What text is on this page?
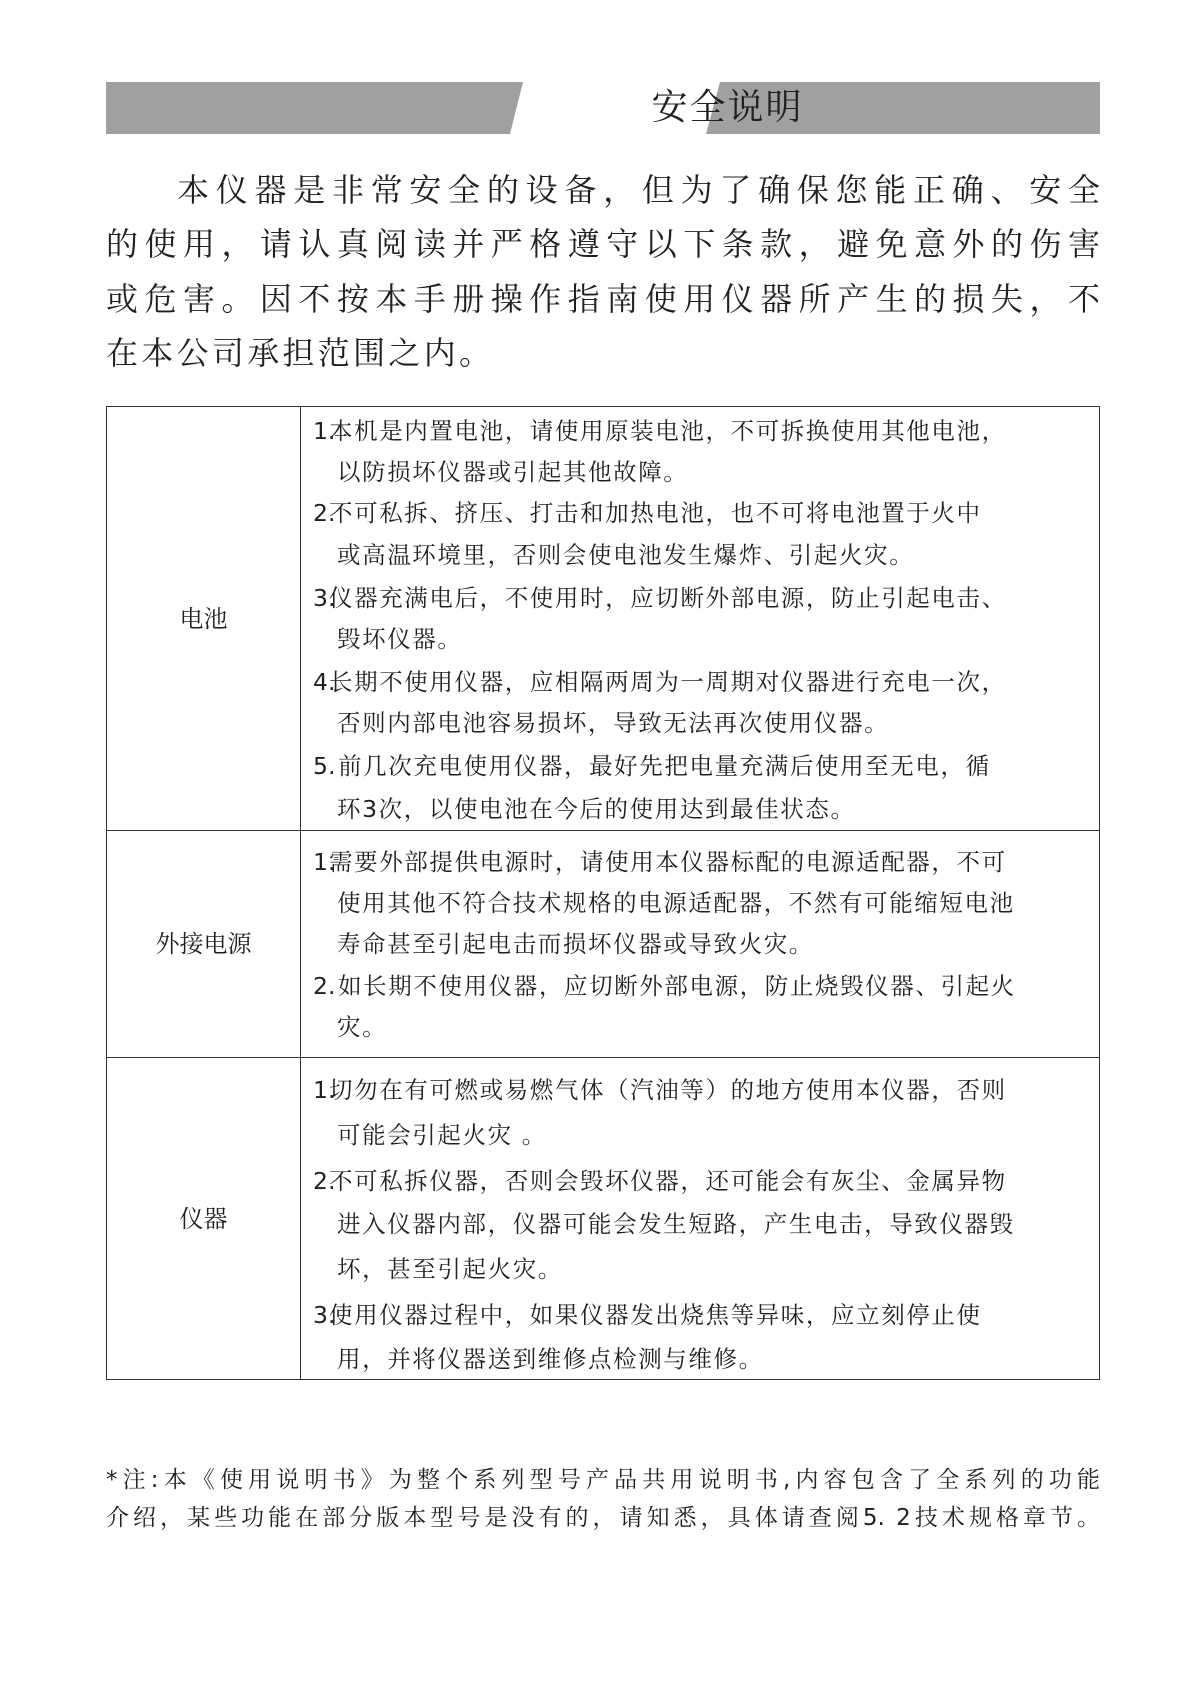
安全说明
本仪器是非常安全的设备，但为了确保您能正确、安全
的使用，请认真阅读并严格遵守以下条款，避免意外的伤害
或危害。因不按本手册操作指南使用仪器所产生的损失，不
在本公司承担范围之内。
电池
1.
本机是内置电池，请使用原装电池，不可拆换使用其他电池，
以防损坏仪器或引起其他故障。
2.
不可私拆、挤压、打击和加热电池，也不可将电池置于火中
或高温环境里，否则会使电池发生爆炸、引起火灾。
3.
仪器充满电后，不使用时，应切断外部电源，防止引起电击、
毁坏仪器。
4.
长期不使用仪器，应相隔两周为一周期对仪器进行充电一次，
否则内部电池容易损坏，导致无法再次使用仪器。
5.
前几次充电使用仪器，最好先把电量充满后使用至无电，循
环3次，以使电池在今后的使用达到最佳状态。
外接电源
1.
需要外部提供电源时，请使用本仪器标配的电源适配器，不可
使用其他不符合技术规格的电源适配器，不然有可能缩短电池
寿命甚至引起电击而损坏仪器或导致火灾。
2.
如长期不使用仪器，应切断外部电源，防止烧毁仪器、引起火
灾。
仪器
1.
切勿在有可燃或易燃气体（汽油等）的地方使用本仪器，否则
可能会引起火灾 。
2.
不可私拆仪器，否则会毁坏仪器，还可能会有灰尘、金属异物
进入仪器内部，仪器可能会发生短路，产生电击，导致仪器毁
坏，甚至引起火灾。
3.
使用仪器过程中，如果仪器发出烧焦等异味，应立刻停止使
用，并将仪器送到维修点检测与维修。
*注:本《使用说明书》为整个系列型号产品共用说明书,内容包含了全系列的功能
介绍，某些功能在部分版本型号是没有的，请知悉，具体请查阅5. 2技术规格章节。
